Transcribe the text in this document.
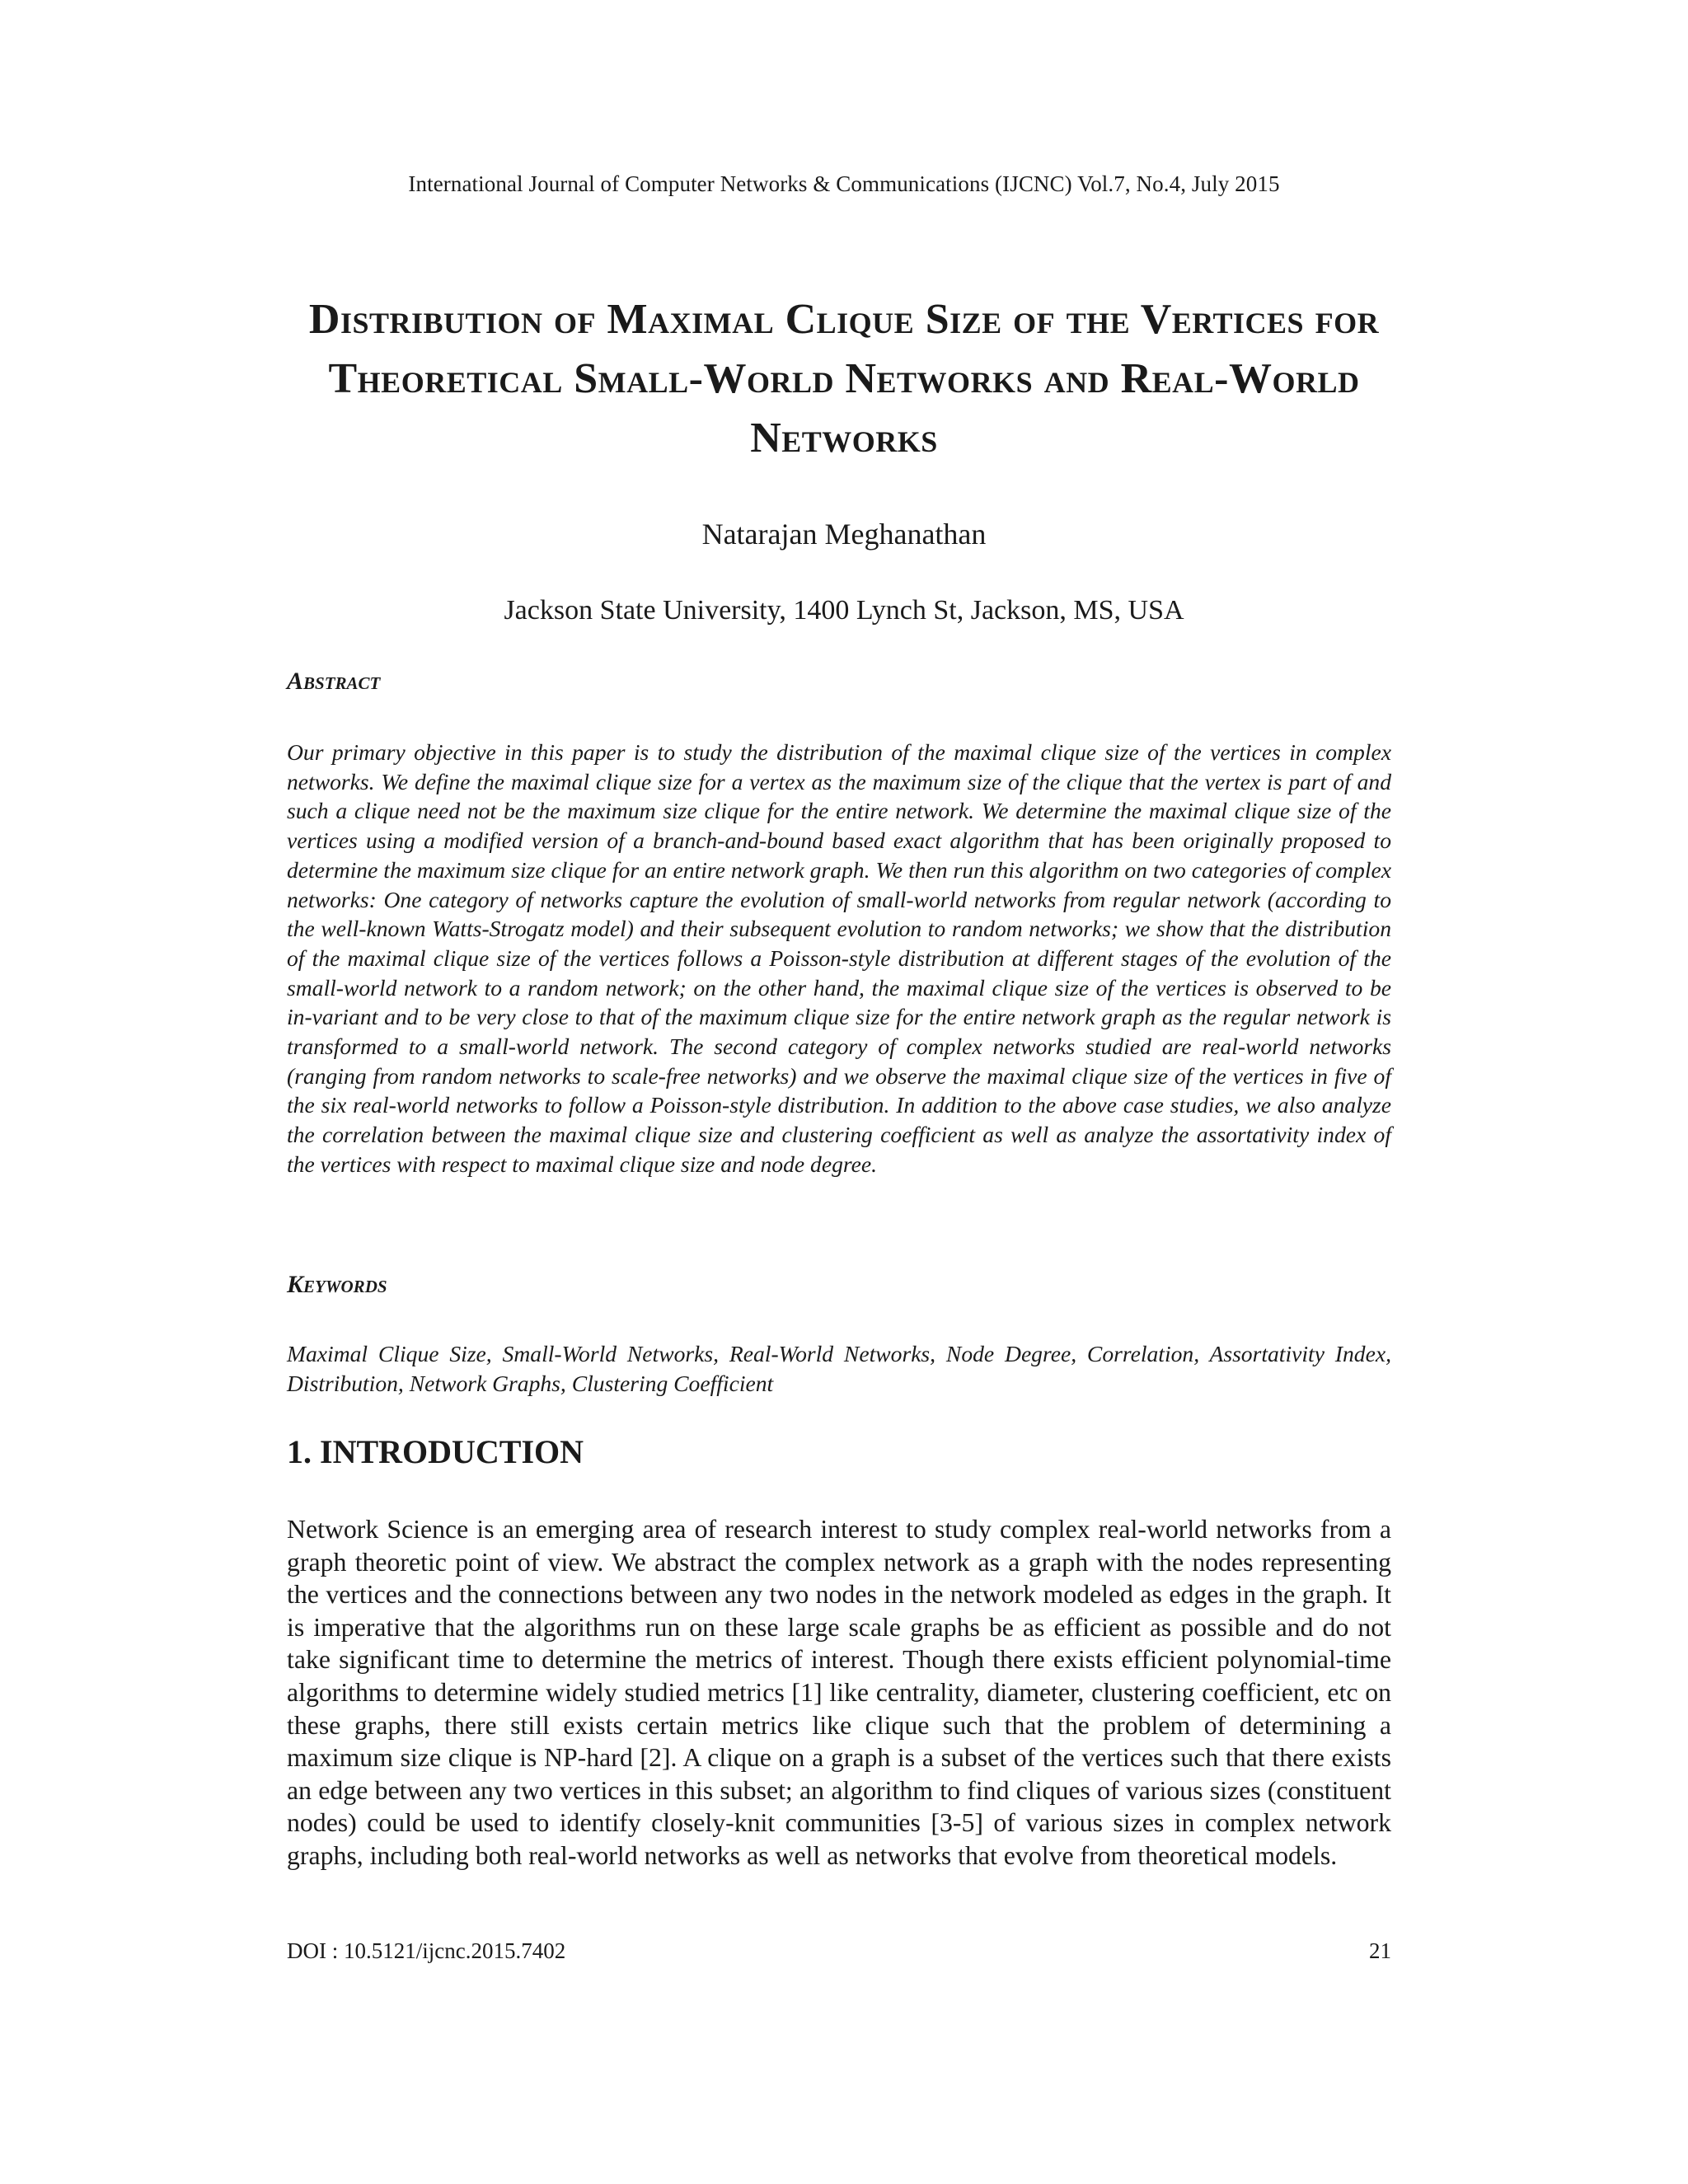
International Journal of Computer Networks & Communications (IJCNC) Vol.7, No.4, July 2015
Distribution of Maximal Clique Size of the Vertices for Theoretical Small-World Networks and Real-World Networks
Natarajan Meghanathan
Jackson State University, 1400 Lynch St, Jackson, MS, USA
Abstract
Our primary objective in this paper is to study the distribution of the maximal clique size of the vertices in complex networks. We define the maximal clique size for a vertex as the maximum size of the clique that the vertex is part of and such a clique need not be the maximum size clique for the entire network. We determine the maximal clique size of the vertices using a modified version of a branch-and-bound based exact algorithm that has been originally proposed to determine the maximum size clique for an entire network graph. We then run this algorithm on two categories of complex networks: One category of networks capture the evolution of small-world networks from regular network (according to the well-known Watts-Strogatz model) and their subsequent evolution to random networks; we show that the distribution of the maximal clique size of the vertices follows a Poisson-style distribution at different stages of the evolution of the small-world network to a random network; on the other hand, the maximal clique size of the vertices is observed to be in-variant and to be very close to that of the maximum clique size for the entire network graph as the regular network is transformed to a small-world network. The second category of complex networks studied are real-world networks (ranging from random networks to scale-free networks) and we observe the maximal clique size of the vertices in five of the six real-world networks to follow a Poisson-style distribution. In addition to the above case studies, we also analyze the correlation between the maximal clique size and clustering coefficient as well as analyze the assortativity index of the vertices with respect to maximal clique size and node degree.
Keywords
Maximal Clique Size, Small-World Networks, Real-World Networks, Node Degree, Correlation, Assortativity Index, Distribution, Network Graphs, Clustering Coefficient
1. INTRODUCTION
Network Science is an emerging area of research interest to study complex real-world networks from a graph theoretic point of view. We abstract the complex network as a graph with the nodes representing the vertices and the connections between any two nodes in the network modeled as edges in the graph. It is imperative that the algorithms run on these large scale graphs be as efficient as possible and do not take significant time to determine the metrics of interest. Though there exists efficient polynomial-time algorithms to determine widely studied metrics [1] like centrality, diameter, clustering coefficient, etc on these graphs, there still exists certain metrics like clique such that the problem of determining a maximum size clique is NP-hard [2]. A clique on a graph is a subset of the vertices such that there exists an edge between any two vertices in this subset; an algorithm to find cliques of various sizes (constituent nodes) could be used to identify closely-knit communities [3-5] of various sizes in complex network graphs, including both real-world networks as well as networks that evolve from theoretical models.
DOI : 10.5121/ijcnc.2015.7402	21
